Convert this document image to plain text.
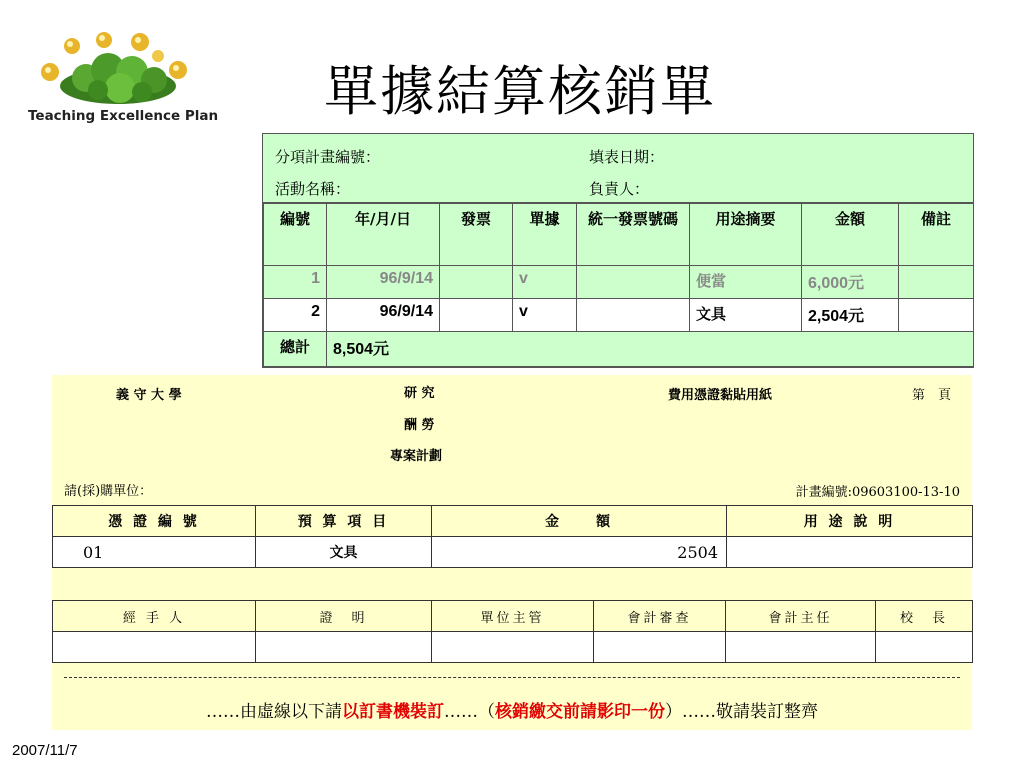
Teaching Excellence Plan	單據結算核銷單
分項計畫編號：	填表日期：
活動名稱：	負責人：
編號	年/月/日	發票	單據	統一發票號碼	用途摘要	金額	備註
1	96/9/14		v		便當	6,000元	
2	96/9/14		v		文具	2,504元	
總計	8,504元						
義 守 大 學	研 究
酬 勞
專案計劃
費用憑證黏貼用紙	第　頁
請(採)購單位：	計畫編號:09603100-13-10
憑 證 編 號	預 算 項 目	金　　額	用 途 說 明
01	文具	2504	
經 手 人	證　明	單位主管	會計審查	會計主任	校　長

……由虛線以下請以訂書機裝訂……（核銷繳交前請影印一份）……敬請裝訂整齊
2007/11/7
